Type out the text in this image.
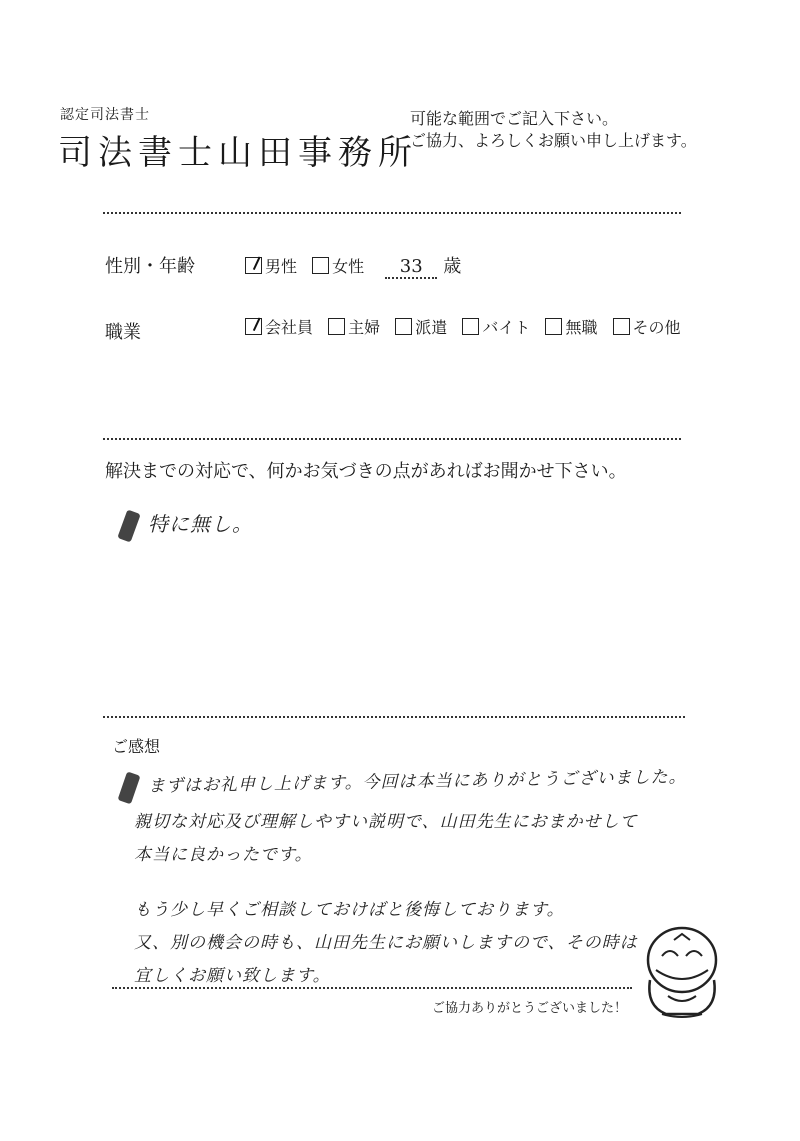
認定司法書士
司法書士山田事務所
可能な範囲でご記入下さい。
ご協力、よろしくお願い申し上げます。
性別・年齢	男性 女性 33 歳
職業	会社員 主婦 派遣 バイト 無職 その他
解決までの対応で、何かお気づきの点があればお聞かせ下さい。
特に無し。
ご感想
まずはお礼申し上げます。今回は本当にありがとうございました。
親切な対応及び理解しやすい説明で、山田先生におまかせして
本当に良かったです。
もう少し早くご相談しておけばと後悔しております。
又、別の機会の時も、山田先生にお願いしますので、その時は
宜しくお願い致します。
ご協力ありがとうございました！
